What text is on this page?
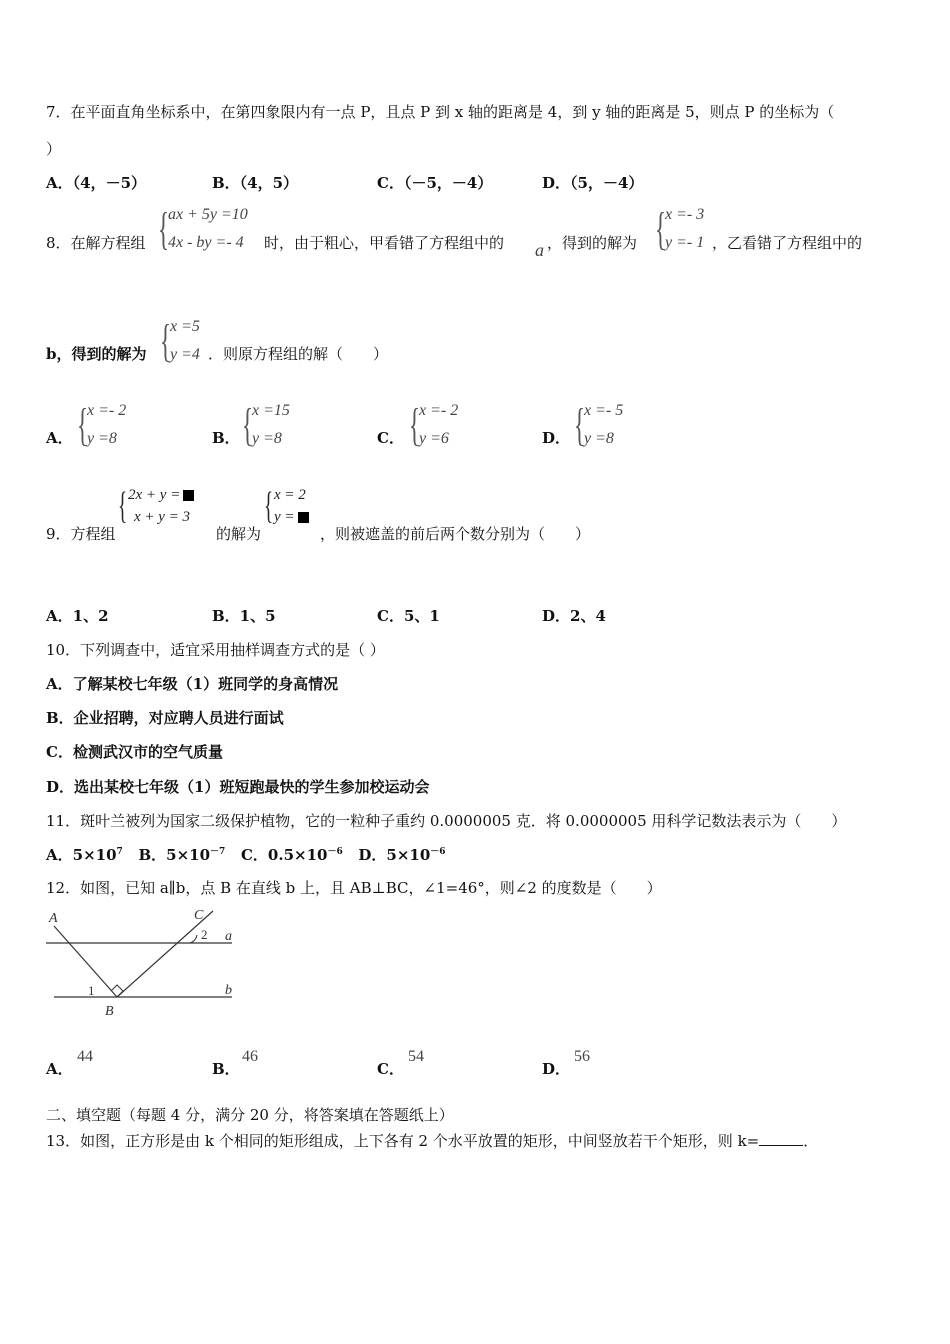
7．在平面直角坐标系中，在第四象限内有一点 P，且点 P 到 x 轴的距离是 4，到 y 轴的距离是 5，则点 P 的坐标为（
）
A．（4，－5）	B．（4，5）	C．（－5，－4）	D．（5，－4）
8．在解方程组 {
ax + 5y =10
4x - by =- 4 时，由于粗心，甲看错了方程组中的 a ，得到的解为 {
x =- 3
y =- 1 ，乙看错了方程组中的
b，得到的解为 {
x =5
y =4 ．则原方程组的解（　　）
A． {
x =- 2
y =8	B． {
x =15
y =8	C． {
x =- 2
y =6	D． {
x =- 5
y =8
9．方程组
{ 2x + y =
x + y = 3
的解为
{ x = 2
y =
，则被遮盖的前后两个数分别为（　　）
A．1、2	B．1、5	C．5、1	D．2、4
10．下列调查中，适宜采用抽样调查方式的是（ ）
A．了解某校七年级（1）班同学的身高情况
B．企业招聘，对应聘人员进行面试
C．检测武汉市的空气质量
D．选出某校七年级（1）班短跑最快的学生参加校运动会
11．斑叶兰被列为国家二级保护植物，它的一粒种子重约 0.0000005 克．将 0.0000005 用科学记数法表示为（　　）
A．$5\times 10^7$ B．$5\times 10^{-7}$ C．$0.5\times 10^{-6}$ D．$5\times 10^{-6}$
12．如图，已知 a∥b，点 B 在直线 b 上，且 AB⊥BC，∠1=46°，则∠2 的度数是（　　）
A	C
a
b
B
1
2
A．
44
B．
46
C．
54
D．
56
二、填空题（每题 4 分，满分 20 分，将答案填在答题纸上）
13．如图，正方形是由 k 个相同的矩形组成，上下各有 2 个水平放置的矩形，中间竖放若干个矩形，则 k=	．
